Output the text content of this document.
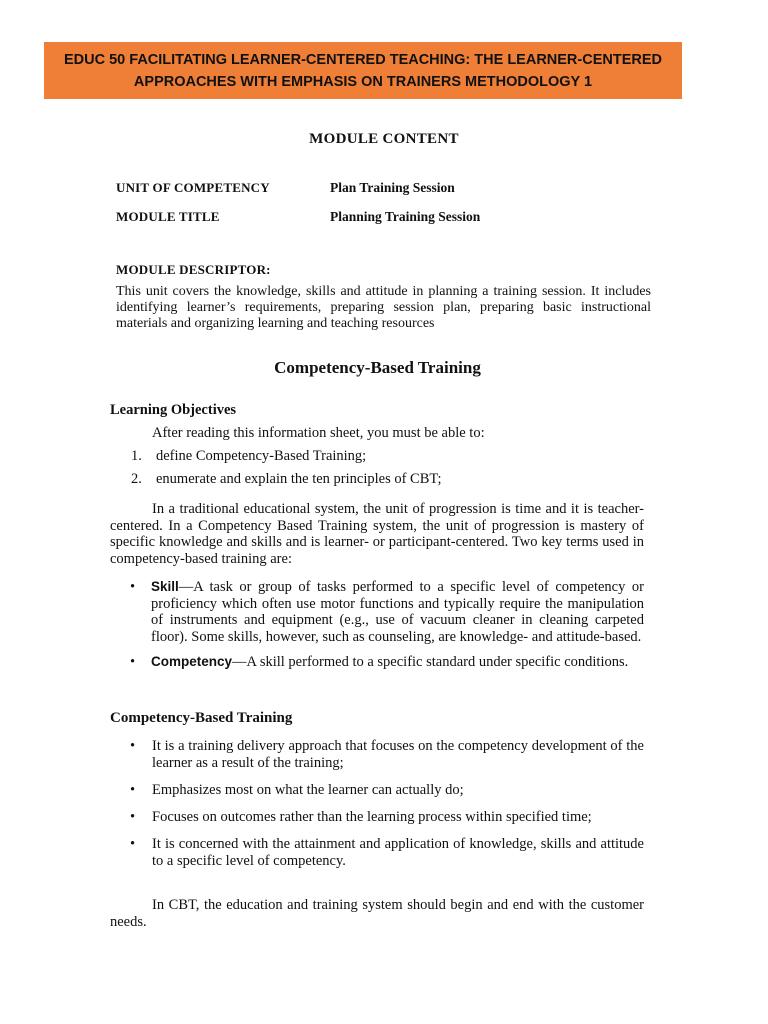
EDUC 50 FACILITATING LEARNER-CENTERED TEACHING: THE LEARNER-CENTERED
APPROACHES WITH EMPHASIS ON TRAINERS METHODOLOGY 1
MODULE CONTENT
UNIT OF COMPETENCY	Plan Training Session
MODULE TITLE	Planning Training Session
MODULE DESCRIPTOR:
This unit covers the knowledge, skills and attitude in planning a training session. It includes identifying learner’s requirements, preparing session plan, preparing basic instructional materials and organizing learning and teaching resources
Competency-Based Training
Learning Objectives
After reading this information sheet, you must be able to:
1. define Competency-Based Training;
2. enumerate and explain the ten principles of CBT;
In a traditional educational system, the unit of progression is time and it is teacher-centered. In a Competency Based Training system, the unit of progression is mastery of specific knowledge and skills and is learner- or participant-centered. Two key terms used in competency-based training are:
• Skill—A task or group of tasks performed to a specific level of competency or proficiency which often use motor functions and typically require the manipulation of instruments and equipment (e.g., use of vacuum cleaner in cleaning carpeted floor). Some skills, however, such as counseling, are knowledge- and attitude-based.
• Competency—A skill performed to a specific standard under specific conditions.
Competency-Based Training
• It is a training delivery approach that focuses on the competency development of the learner as a result of the training;
• Emphasizes most on what the learner can actually do;
• Focuses on outcomes rather than the learning process within specified time;
• It is concerned with the attainment and application of knowledge, skills and attitude to a specific level of competency.
In CBT, the education and training system should begin and end with the customer needs.
